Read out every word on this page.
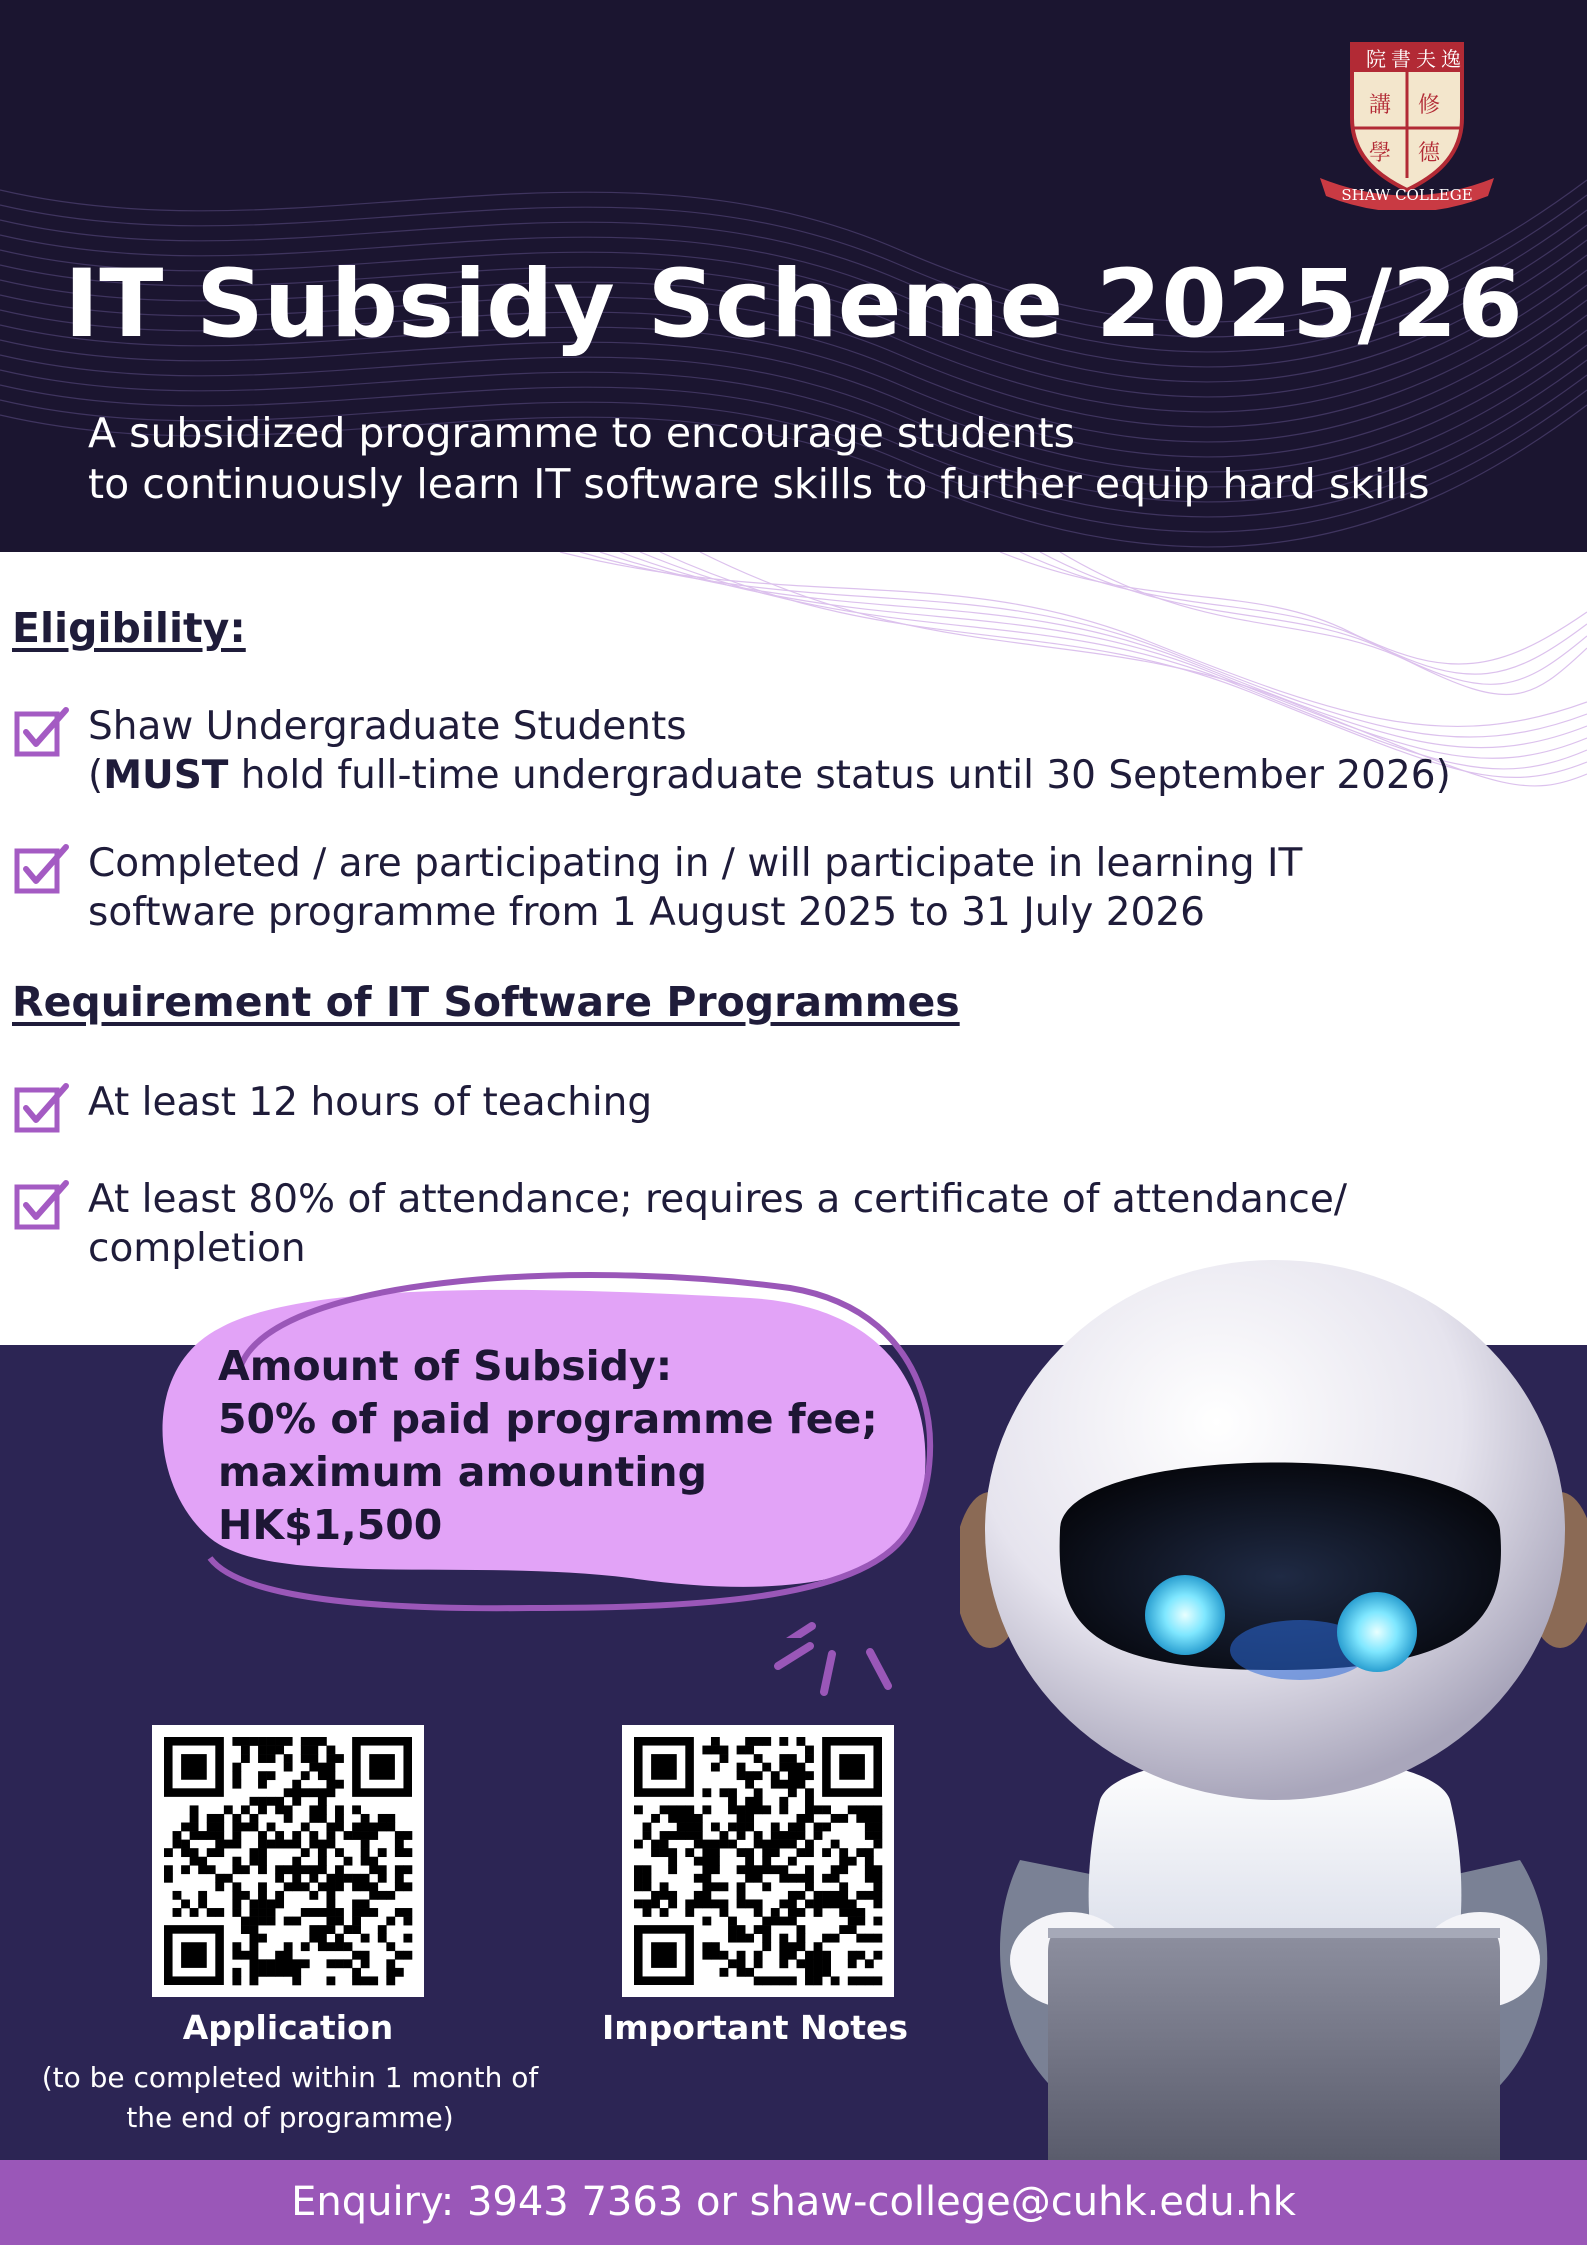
院 書 夫 逸
講 修
學 德
SHAW COLLEGE
IT Subsidy Scheme 2025/26
A subsidized programme to encourage students
to continuously learn IT software skills to further equip hard skills
Eligibility:
Shaw Undergraduate Students
(MUST hold full-time undergraduate status until 30 September 2026)
Completed / are participating in / will participate in learning IT
software programme from 1 August 2025 to 31 July 2026
Requirement of IT Software Programmes
At least 12 hours of teaching
At least 80% of attendance; requires a certificate of attendance/
completion
Amount of Subsidy:
50% of paid programme fee;
maximum amounting
HK$1,500
Application
(to be completed within 1 month of
the end of programme)
Important Notes
Enquiry: 3943 7363 or shaw-college@cuhk.edu.hk
